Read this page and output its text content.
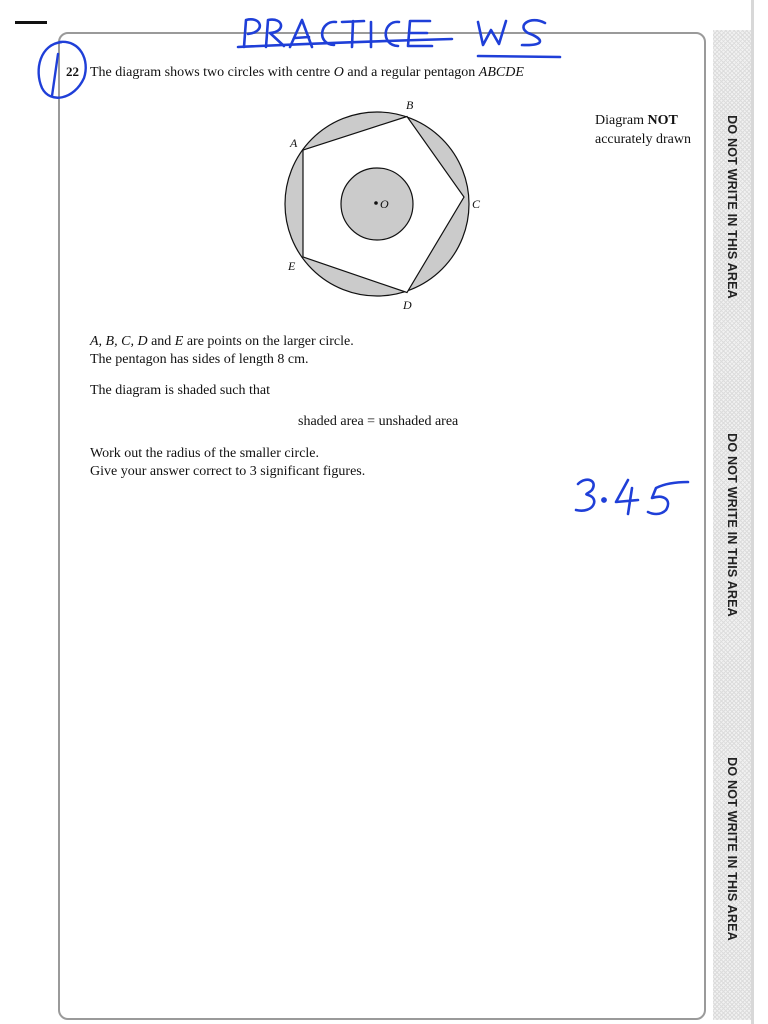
DO NOT WRITE IN THIS AREA
DO NOT WRITE IN THIS AREA
DO NOT WRITE IN THIS AREA
22 The diagram shows two circles with centre O and a regular pentagon ABCDE
Diagram NOT
accurately drawn
O
B
A
C
D
E
A, B, C, D and E are points on the larger circle.
The pentagon has sides of length 8 cm.
The diagram is shaded such that
shaded area = unshaded area
Work out the radius of the smaller circle.
Give your answer correct to 3 significant figures.
